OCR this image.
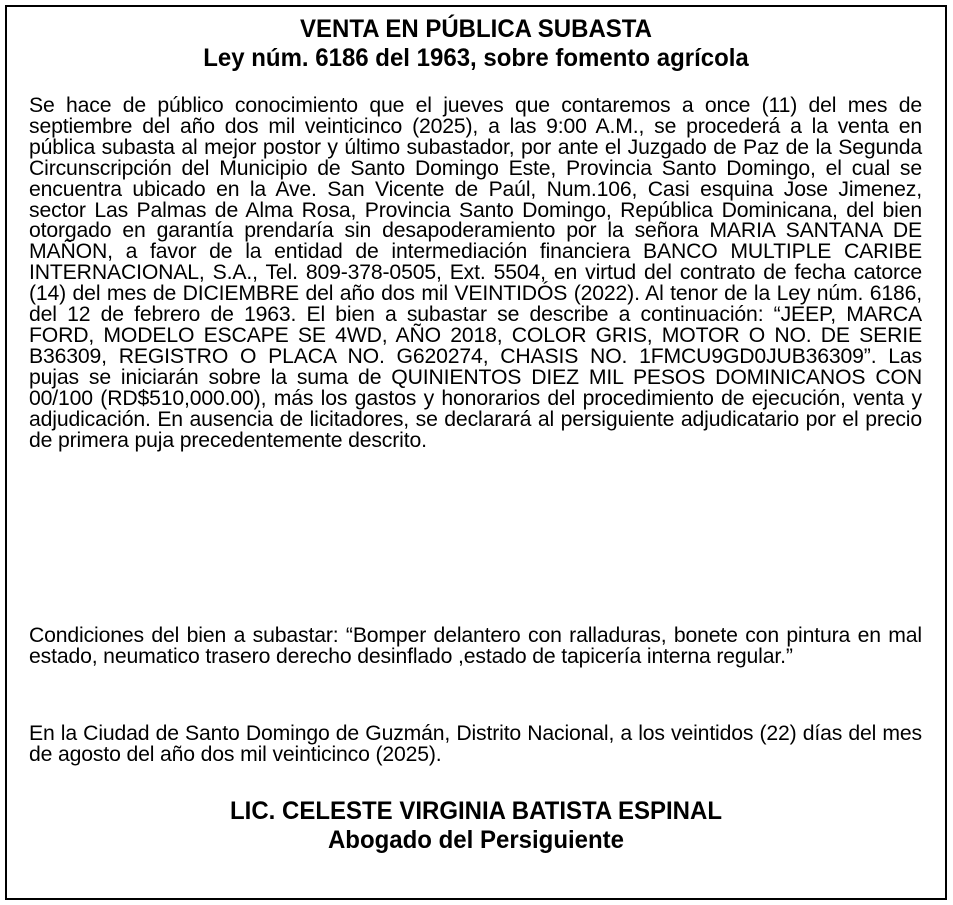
VENTA EN PÚBLICA SUBASTA
Ley núm. 6186 del 1963, sobre fomento agrícola
Se hace de público conocimiento que el jueves que contaremos a once (11) del mes de septiembre del año dos mil veinticinco (2025), a las 9:00 A.M., se procederá a la venta en pública subasta al mejor postor y último subastador, por ante el Juzgado de Paz de la Segunda Circunscripción del Municipio de Santo Domingo Este, Provincia Santo Domingo, el cual se encuentra ubicado en la Ave. San Vicente de Paúl, Num.106, Casi esquina Jose Jimenez, sector Las Palmas de Alma Rosa, Provincia Santo Domingo, República Dominicana, del bien otorgado en garantía prendaría sin desapoderamiento por la señora MARIA SANTANA DE MAÑON, a favor de la entidad de intermediación financiera BANCO MULTIPLE CARIBE INTERNACIONAL, S.A., Tel. 809-378-0505, Ext. 5504, en virtud del contrato de fecha catorce (14) del mes de DICIEMBRE del año dos mil VEINTIDÓS (2022). Al tenor de la Ley núm. 6186, del 12 de febrero de 1963. El bien a subastar se describe a continuación: “JEEP, MARCA FORD, MODELO ESCAPE SE 4WD, AÑO 2018, COLOR GRIS, MOTOR O NO. DE SERIE B36309, REGISTRO O PLACA NO. G620274, CHASIS NO. 1FMCU9GD0JUB36309”. Las pujas se iniciarán sobre la suma de QUINIENTOS DIEZ MIL PESOS DOMINICANOS CON 00/100 (RD$510,000.00), más los gastos y honorarios del procedimiento de ejecución, venta y adjudicación. En ausencia de licitadores, se declarará al persiguiente adjudicatario por el precio de primera puja precedentemente descrito.
Condiciones del bien a subastar: “Bomper delantero con ralladuras, bonete con pintura en mal estado, neumatico trasero derecho desinflado ,estado de tapicería interna regular.”
En la Ciudad de Santo Domingo de Guzmán, Distrito Nacional, a los veintidos (22) días del mes de agosto del año dos mil veinticinco (2025).
LIC. CELESTE VIRGINIA BATISTA ESPINAL
Abogado del Persiguiente
